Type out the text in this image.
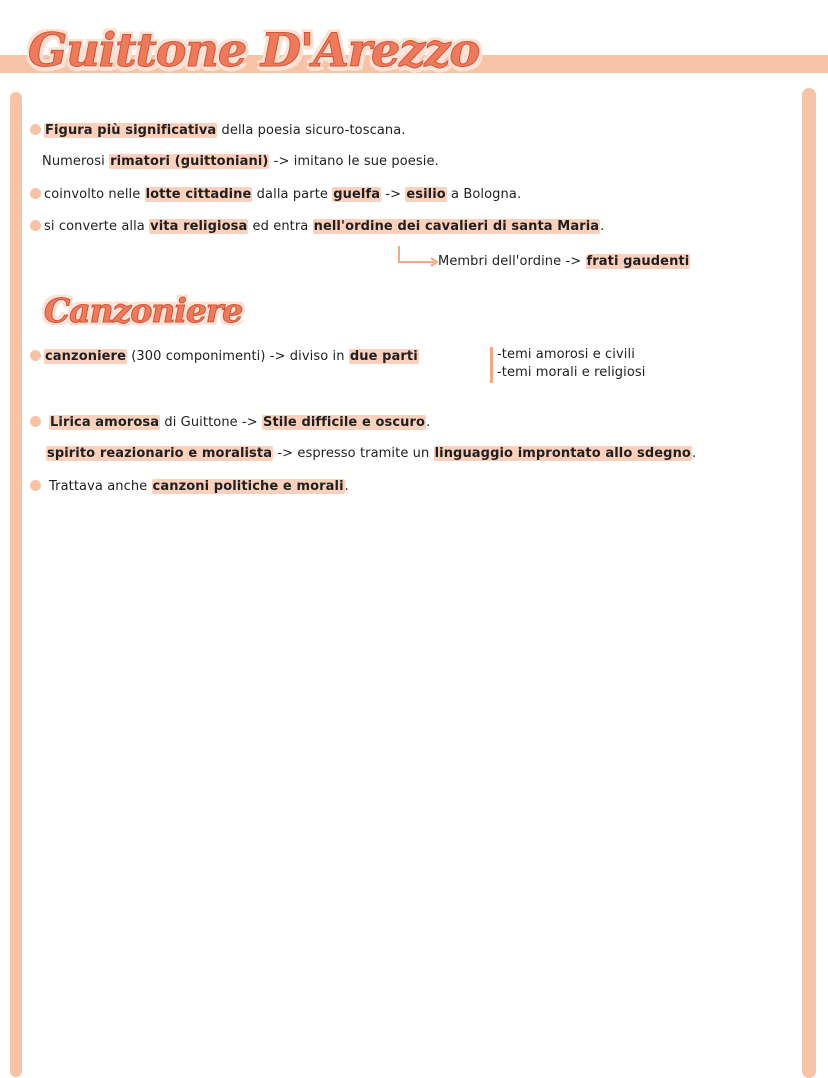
Guittone D'Arezzo
Figura più significativa della poesia sicuro-toscana.
Numerosi rimatori (guittoniani) -> imitano le sue poesie.
coinvolto nelle lotte cittadine dalla parte guelfa -> esilio a Bologna.
si converte alla vita religiosa ed entra nell'ordine dei cavalieri di santa Maria.
Membri dell'ordine -> frati gaudenti
Canzoniere
canzoniere (300 componimenti) -> diviso in due parti	-temi amorosi e civili
-temi morali e religiosi
Lirica amorosa di Guittone -> Stile difficile e oscuro.
spirito reazionario e moralista -> espresso tramite un linguaggio improntato allo sdegno.
Trattava anche canzoni politiche e morali.
